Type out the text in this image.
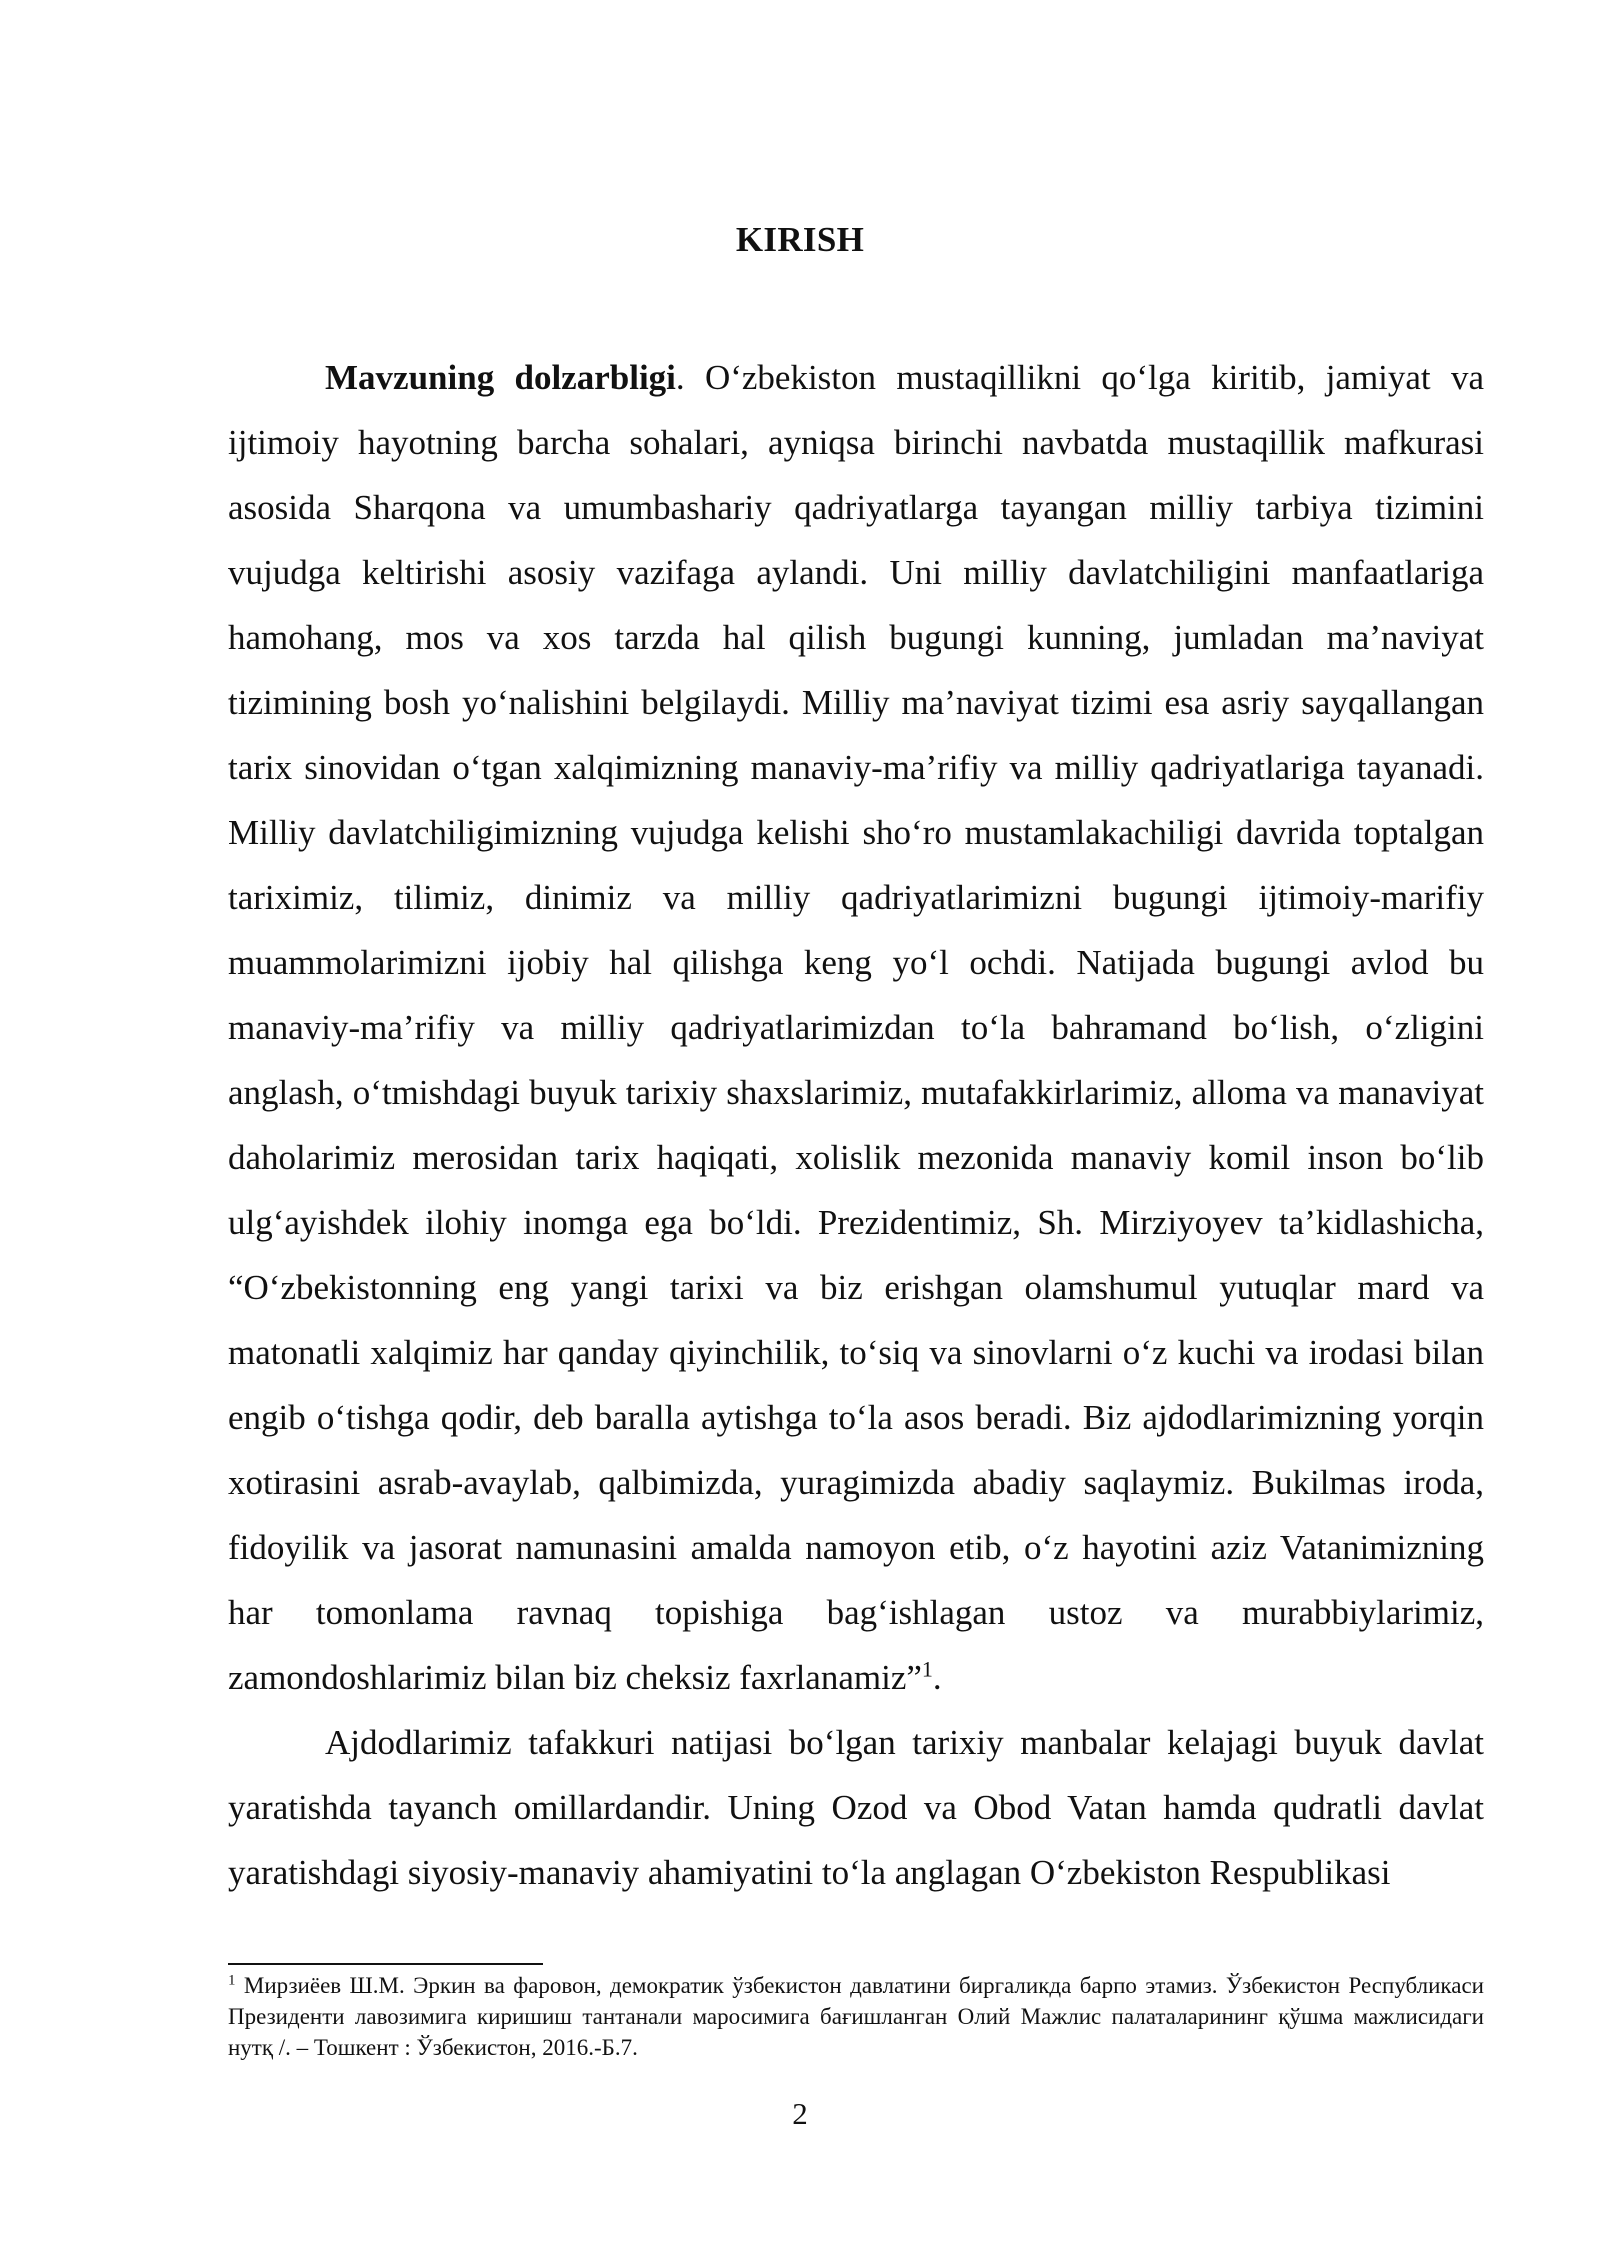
KIRISH

Mavzuning dolzarbligi. O‘zbekiston mustaqillikni qo‘lga kiritib, jamiyat va ijtimoiy hayotning barcha sohalari, ayniqsa birinchi navbatda mustaqillik mafkurasi asosida Sharqona va umumbashariy qadriyatlarga tayangan milliy tarbiya tizimini vujudga keltirishi asosiy vazifaga aylandi. Uni milliy davlatchiligini manfaatlariga hamohang, mos va xos tarzda hal qilish bugungi kunning, jumladan ma’naviyat tizimining bosh yo‘nalishini belgilaydi. Milliy ma’naviyat tizimi esa asriy sayqallangan tarix sinovidan o‘tgan xalqimizning manaviy-ma’rifiy va milliy qadriyatlariga tayanadi. Milliy davlatchiligimizning vujudga kelishi sho‘ro mustamlakachiligi davrida toptalgan tariximiz, tilimiz, dinimiz va milliy qadriyatlarimizni bugungi ijtimoiy-marifiy muammolarimizni ijobiy hal qilishga keng yo‘l ochdi. Natijada bugungi avlod bu manaviy-ma’rifiy va milliy qadriyatlarimizdan to‘la bahramand bo‘lish, o‘zligini anglash, o‘tmishdagi buyuk tarixiy shaxslarimiz, mutafakkirlarimiz, alloma va manaviyat daholarimiz merosidan tarix haqiqati, xolislik mezonida manaviy komil inson bo‘lib ulg‘ayishdek ilohiy inomga ega bo‘ldi. Prezidentimiz, Sh. Mirziyoyev ta’kidlashicha, “O‘zbekistonning eng yangi tarixi va biz erishgan olamshumul yutuqlar mard va matonatli xalqimiz har qanday qiyinchilik, to‘siq va sinovlarni o‘z kuchi va irodasi bilan engib o‘tishga qodir, deb baralla aytishga to‘la asos beradi. Biz ajdodlarimizning yorqin xotirasini asrab-avaylab, qalbimizda, yuragimizda abadiy saqlaymiz. Bukilmas iroda, fidoyilik va jasorat namunasini amalda namoyon etib, o‘z hayotini aziz Vatanimizning har tomonlama ravnaq topishiga bag‘ishlagan ustoz va murabbiylarimiz, zamondoshlarimiz bilan biz cheksiz faxrlanamiz”$^1$.

Ajdodlarimiz tafakkuri natijasi bo‘lgan tarixiy manbalar kelajagi buyuk davlat yaratishda tayanch omillardandir. Uning Ozod va Obod Vatan hamda qudratli davlat yaratishdagi siyosiy-manaviy ahamiyatini to‘la anglagan O‘zbekiston Respublikasi

$^1$ Мирзиёев Ш.М. Эркин ва фаровон, демократик ўзбекистон давлатини биргаликда барпо этамиз. Ўзбекистон Республикаси Президенти лавозимига киришиш тантанали маросимига бағишланган Олий Мажлис палаталарининг қўшма мажлисидаги нутқ /. – Тошкент : Ўзбекистон, 2016.-Б.7.

2
